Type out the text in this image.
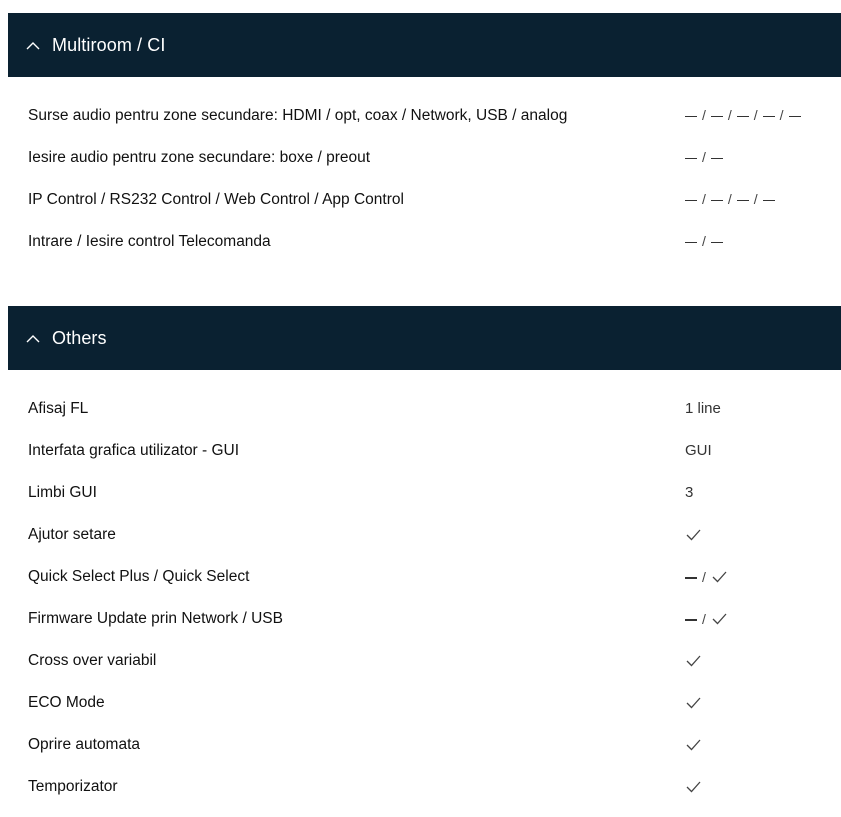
Multiroom / CI
Surse audio pentru zone secundare: HDMI / opt, coax / Network, USB / analog	/ / / /
Iesire audio pentru zone secundare: boxe / preout	/
IP Control / RS232 Control / Web Control / App Control	/ / /
Intrare / Iesire control Telecomanda	/
Others
Afisaj FL	1 line
Interfata grafica utilizator - GUI	GUI
Limbi GUI	3
Ajutor setare
Quick Select Plus / Quick Select	/
Firmware Update prin Network / USB	/
Cross over variabil
ECO Mode
Oprire automata
Temporizator
